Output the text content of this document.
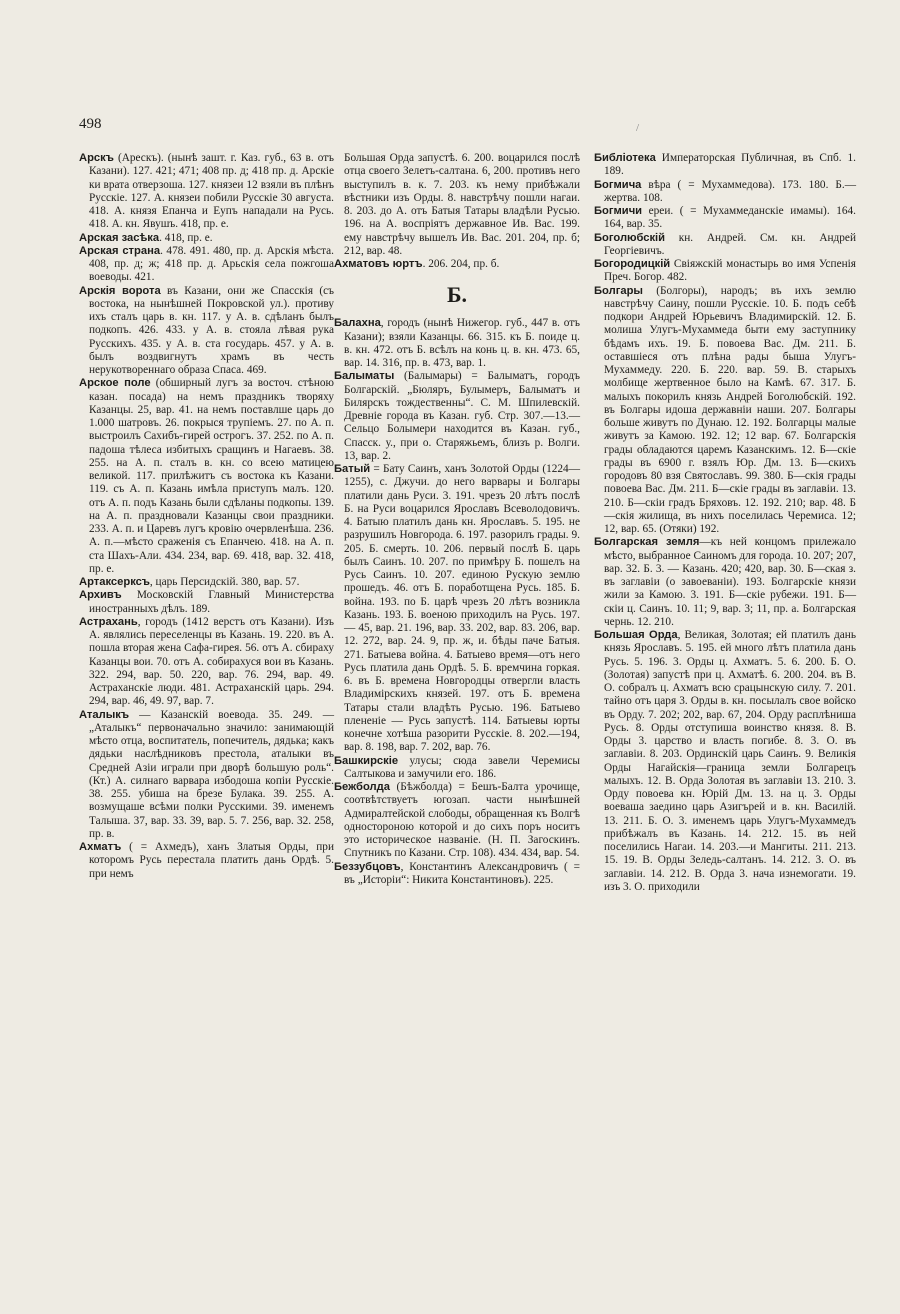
498	/

Арскъ (Арескъ). (нынѣ зашт. г. Каз. губ., 63 в. отъ Казани). 127. 421; 471; 408 пр. д; 418 пр. д. Арскіе ки врата отверзоша. 127. князеи 12 взяли въ плѣнъ Русскіе. 127. А. князеи побили Русскіе 30 августа. 418. А. князя Епанча и Еупъ нападали на Русь. 418. А. кн. Явушъ. 418, пр. е.

Арская засѣка. 418, пр. е.

Арская страна. 478. 491. 480, пр. д. Арскія мѣста. 408, пр. д; ж; 418 пр. д. Арьскія села пожгоша воеводы. 421.

Арскія ворота въ Казани, они же Спасскія (съ востока, на нынѣшней Покровской ул.). противу ихъ сталъ царь в. кн. 117. у А. в. сдѣланъ былъ подкопъ. 426. 433. у А. в. стояла лѣвая рука Русскихъ. 435. у А. в. ста государь. 457. у А. в. былъ воздвигнутъ храмъ въ честь нерукотвореннаго образа Спаса. 469.

Арское поле (обширный лугъ за восточ. стѣною казан. посада) на немъ праздникъ творяху Казанцы. 25, вар. 41. на немъ поставлше царь до 1.000 шатровъ. 26. покрыся трупіемъ. 27. по А. п. выстроилъ Сахибъ-гирей острогъ. 37. 252. по А. п. падоша тѣлеса избитыхъ сращинъ и Нагаевъ. 38. 255. на А. п. сталъ в. кн. со всею матицею великой. 117. прилѣжитъ съ востока къ Казани. 119. съ А. п. Казань имѣла приступъ малъ. 120. отъ А. п. подъ Казань были сдѣланы подкопы. 139. на А. п. праздновали Казанцы свои праздники. 233. А. п. и Царевъ лугъ кровію очервленѣша. 236. А. п.—мѣсто сраженія съ Епанчею. 418. на А. п. ста Шахъ-Али. 434. 234, вар. 69. 418, вар. 32. 418, пр. е.

Артаксерксъ, царь Персидскій. 380, вар. 57.

Архивъ Московскій Главный Министерства иностранныхъ дѣлъ. 189.

Астрахань, городъ (1412 верстъ отъ Казани). Изъ А. являлись переселенцы въ Казань. 19. 220. въ А. пошла вторая жена Сафа-гирея. 56. отъ А. сбираху Казанцы вои. 70. отъ А. собирахуся вои въ Казань. 322. 294, вар. 50. 220, вар. 76. 294, вар. 49. Астраханскіе люди. 481. Астраханскій царь. 294. 294, вар. 46, 49. 97, вар. 7.

Аталыкъ — Казанскій воевода. 35. 249. — „Аталыкъ“ первоначально значило: занимающій мѣсто отца, воспитатель, попечитель, дядька; какъ дядьки наслѣдниковъ престола, аталыки въ Средней Азіи играли при дворѣ большую роль“. (Кт.) А. силнаго варвара избодоша копіи Русскіе. 38. 255. убиша на брезе Булака. 39. 255. А. возмущаше всѣми полки Русскими. 39. именемъ Талыша. 37, вар. 33. 39, вар. 5. 7. 256, вар. 32. 258, пр. в.

Ахматъ ( = Ахмедъ), ханъ Златыя Орды, при которомъ Русь перестала платить дань Ордѣ. 5. при немъ

Большая Орда запустѣ. 6. 200. воцарился послѣ отца своего Зелетъ-салтана. 6, 200. противъ него выступилъ в. к. 7. 203. къ нему прибѣжали вѣстники изъ Орды. 8. навстрѣчу пошли нагаи. 8. 203. до А. отъ Батыя Татары владѣли Русью. 196. на А. воспріятъ державное Ив. Вас. 199. ему навстрѣчу вышелъ Ив. Вас. 201. 204, пр. б; 212, вар. 48.

Ахматовъ юртъ. 206. 204, пр. б.

Б.

Балахна, городъ (нынѣ Нижегор. губ., 447 в. отъ Казани); взяли Казанцы. 66. 315. къ Б. поиде ц. в. кн. 472. отъ Б. вcѣлъ на конь ц. в. кн. 473. 65, вар. 14. 316, пр. в. 473, вар. 1.

Балыматы (Балымары) = Балыматъ, городъ Болгарскій. „Бюляръ, Булымеръ, Балыматъ и Билярскъ тождественны“. С. М. Шпилевскій. Древніе города въ Казан. губ. Стр. 307.—13.—Сельцо Болымери находится въ Казан. губ., Спасск. у., при о. Старяжьемъ, близъ р. Волги. 13, вар. 2.

Батый = Бату Саинъ, ханъ Золотой Орды (1224—1255), с. Джучи. до него варвары и Болгары платили дань Руси. 3. 191. чрезъ 20 лѣтъ послѣ Б. на Руси воцарился Ярославъ Всеволодовичъ. 4. Батыю платилъ дань кн. Ярославъ. 5. 195. не разрушилъ Новгорода. 6. 197. разорилъ грады. 9. 205. Б. смерть. 10. 206. первый послѣ Б. царь былъ Саинъ. 10. 207. по примѣру Б. пошелъ на Русь Саинъ. 10. 207. единою Рускую землю прошедъ. 46. отъ Б. поработщена Русь. 185. Б. война. 193. по Б. царѣ чрезъ 20 лѣтъ возникла Казань. 193. Б. военою приходилъ на Русь. 197.— 45, вар. 21. 196, вар. 33. 202, вар. 83. 206, вар. 12. 272, вар. 24. 9, пр. ж, и. бѣды паче Батыя. 271. Батыева война. 4. Батыево время—отъ него Русь платила дань Ордѣ. 5. Б. времчина горкая. 6. въ Б. времена Новгородцы отвергли власть Владимірскихъ князей. 197. отъ Б. времена Татары стали владѣть Русью. 196. Батыево плененіе — Русь запустѣ. 114. Батыевы юрты конечне хотѣша разорити Русскіе. 8. 202.—194, вар. 8. 198, вар. 7. 202, вар. 76.

Башкирскіе улусы; сюда завели Черемисы Салтыкова и замучили его. 186.

Бежболда (Бѣжболда) = Бешъ-Балта урочище, соотвѣтствуетъ югозап. части нынѣшней Адмиралтейской слободы, обращенная къ Волгѣ одностороною которой и до сихъ поръ носитъ это историческое названіе. (Н. П. Загоскинъ. Спутникъ по Казани. Стр. 108). 434. 434, вар. 54.

Беззубцовъ, Константинъ Александровичъ ( = въ „Исторіи“: Никита Константиновъ). 225.

Библіотека Императорская Публичная, въ Спб. 1. 189.

Богмича вѣра ( = Мухаммедова). 173. 180. Б.—жертва. 108.

Богмичи ереи. ( = Мухаммеданскіе имамы). 164. 164, вар. 35.

Боголюбскій кн. Андрей. См. кн. Андрей Георгіевичъ.

Богородицкій Свіяжскій монастырь во имя Успенія Преч. Богор. 482.

Болгары (Болгоры), народъ; въ ихъ землю навстрѣчу Саину, пошли Русскіе. 10. Б. подъ себѣ подкори Андрей Юрьевичъ Владимирскій. 12. Б. молиша Улугъ-Мухаммеда быти ему заступнику бѣдамъ ихъ. 19. Б. повоева Вас. Дм. 211. Б. оставшіеся отъ плѣна рады быша Улугъ-Мухаммеду. 220. Б. 220. вар. 59. В. старыхъ молбище жертвенное было на Камѣ. 67. 317. Б. малыхъ покорилъ князь Андрей Боголюбскій. 192. въ Болгары идоша державніи наши. 207. Болгары больше живутъ по Дунаю. 12. 192. Болгарцы малые живутъ за Камою. 192. 12; 12 вар. 67. Болгарскія грады обладаются царемъ Казанскимъ. 12. Б—скіе грады въ 6900 г. взялъ Юр. Дм. 13. Б—скихъ городовъ 80 взя Святославъ. 99. 380. Б—скія грады повоева Вас. Дм. 211. Б—скіе грады въ заглавіи. 13. 210. Б—скіи градъ Бряховъ. 12. 192. 210; вар. 48. Б—скія жилища, въ нихъ поселилась Черемиса. 12; 12, вар. 65. (Отяки) 192.

Болгарская земля—къ ней концомъ прилежало мѣсто, выбранное Саиномъ для города. 10. 207; 207, вар. 32. Б. 3. — Казань. 420; 420, вар. 30. Б—ская з. въ заглавіи (о завоеваніи). 193. Болгарскіе князи жили за Камою. 3. 191. Б—скіе рубежи. 191. Б—скіи ц. Саинъ. 10. 11; 9, вар. 3; 11, пр. а. Болгарская чернь. 12. 210.

Большая Орда, Великая, Золотая; ей платилъ дань князь Ярославъ. 5. 195. ей много лѣтъ платила дань Русь. 5. 196. 3. Орды ц. Ахматъ. 5. 6. 200. Б. О. (Золотая) запустѣ при ц. Ахматѣ. 6. 200. 204. въ В. О. собралъ ц. Ахматъ всю срацынскую силу. 7. 201. тайно отъ царя 3. Орды в. кн. посылалъ свое войско въ Орду. 7. 202; 202, вар. 67, 204. Орду расплѣниша Русь. 8. Орды отступиша воинство князя. 8. В. Орды 3. царство и власть погибе. 8. 3. О. въ заглавіи. 8. 203. Ординскій царь Саинъ. 9. Великія Орды Нагайскія—граница земли Болгарецъ малыхъ. 12. В. Орда Золотая въ заглавіи 13. 210. 3. Орду повоева кн. Юрій Дм. 13. на ц. 3. Орды воеваша заедино царь Азигърей и в. кн. Василій. 13. 211. Б. О. 3. именемъ царь Улугъ-Мухаммедъ прибѣжалъ въ Казань. 14. 212. 15. въ ней поселились Нагаи. 14. 203.—и Мангиты. 211. 213. 15. 19. В. Орды Зеледь-салтанъ. 14. 212. 3. О. въ заглавіи. 14. 212. В. Орда 3. нача изнемогати. 19. изъ 3. О. приходили
